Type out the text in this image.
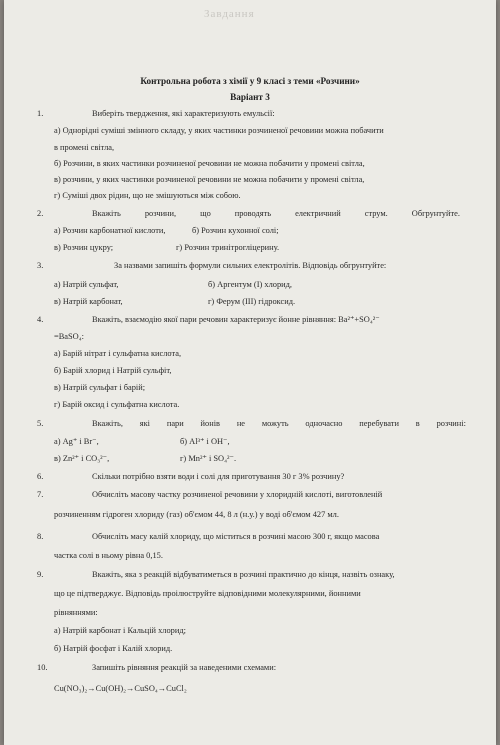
Завдання
Контрольна робота з хімії у 9 класі з теми «Розчини»
Варіант 3
1.	Виберіть твердження, які характеризують емульсії:
а) Однорідні суміші змінного складу, у яких частинки розчиненої речовини можна побачити
в промені світла,
б) Розчини, в яких частинки розчиненої речовини не можна побачити у промені світла,
в) розчини, у яких частинки розчиненої речовини не можна побачити у промені світла,
г) Суміші двох рідин, що не змішуються між собою.
2.	Вкажіть	розчини,	що	проводять	електричний	струм.	Обгрунтуйте.
а) Розчин карбонатної кислоти,	б) Розчин кухонної солі;
в) Розчин цукру;	г) Розчин тринітрогліцерину.
3.	За назвами запишіть формули сильних електролітів. Відповідь обгрунтуйте:
а) Натрій сульфат,	б) Аргентум (І) хлорид,
в) Натрій карбонат,	г) Ферум (ІІІ) гідроксид.
4.	Вкажіть, взаємодію якої пари речовин характеризує йонне рівняння: Ba²⁺+SO₄²⁻
=BaSO₄:
а) Барій нітрат і сульфатна кислота,
б) Барій хлорид і Натрій сульфіт,
в) Натрій сульфат і барій;
г) Барій оксид і сульфатна кислота.
5.	Вкажіть, які пари йонів не можуть одночасно перебувати в розчині:
а) Ag⁺ і Br⁻,	б) Al³⁺ і OH⁻,
в) Zn²⁺ і CO₃²⁻,	г) Mn²⁺ і SO₄²⁻.
6.	Скільки потрібно взяти води і солі для приготування 30 г 3% розчину?
7.	Обчисліть масову частку розчиненої речовини у хлоридній кислоті, виготовленій
розчиненням гідроген хлориду (газ) об'ємом 44, 8 л (н.у.) у воді об'ємом 427 мл.
8.	Обчисліть масу калій хлориду, що міститься в розчині масою 300 г, якщо масова
частка солі в ньому рівна 0,15.
9.	Вкажіть, яка з реакцій відбуватиметься в розчині практично до кінця, назвіть ознаку,
що це підтверджує. Відповідь проілюструйте відповідними молекулярними, йонними
рівняннями:
а) Натрій карбонат і Кальцій хлорид;
б) Натрій фосфат і Калій хлорид.
10.	Запишіть рівняння реакцій за наведеними схемами:
Cu(NO₃)₂→Cu(OH)₂→CuSO₄→CuCl₂
